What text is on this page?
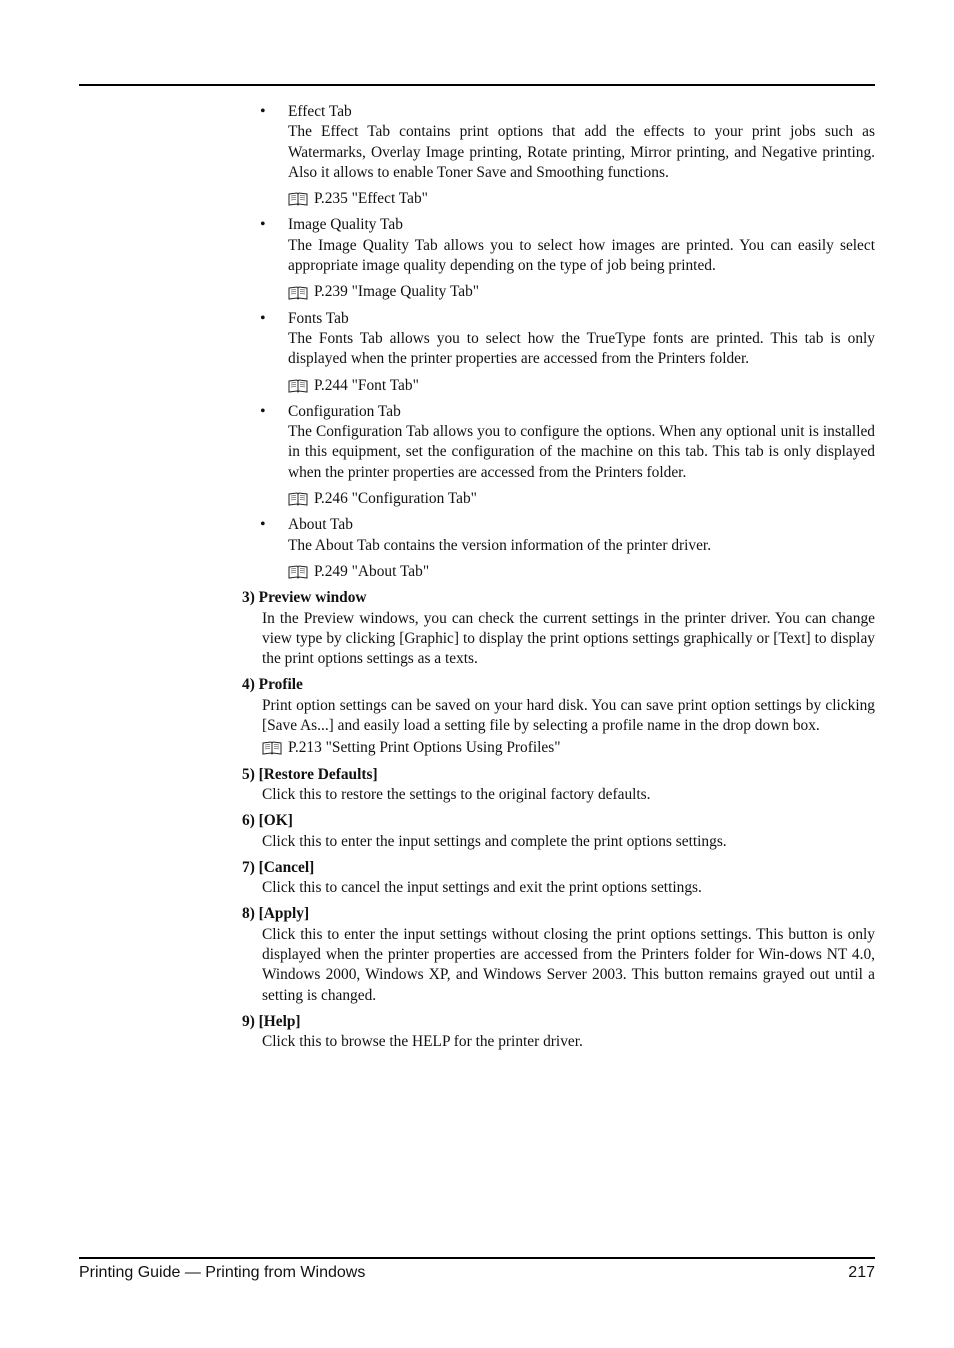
• Effect Tab
The Effect Tab contains print options that add the effects to your print jobs such as Watermarks, Overlay Image printing, Rotate printing, Mirror printing, and Negative printing. Also it allows to enable Toner Save and Smoothing functions.
P.235 "Effect Tab"
• Image Quality Tab
The Image Quality Tab allows you to select how images are printed. You can easily select appropriate image quality depending on the type of job being printed.
P.239 "Image Quality Tab"
• Fonts Tab
The Fonts Tab allows you to select how the TrueType fonts are printed. This tab is only displayed when the printer properties are accessed from the Printers folder.
P.244 "Font Tab"
• Configuration Tab
The Configuration Tab allows you to configure the options. When any optional unit is installed in this equipment, set the configuration of the machine on this tab. This tab is only displayed when the printer properties are accessed from the Printers folder.
P.246 "Configuration Tab"
• About Tab
The About Tab contains the version information of the printer driver.
P.249 "About Tab"
3) Preview window
In the Preview windows, you can check the current settings in the printer driver. You can change view type by clicking [Graphic] to display the print options settings graphically or [Text] to display the print options settings as a texts.
4) Profile
Print option settings can be saved on your hard disk. You can save print option settings by clicking [Save As...] and easily load a setting file by selecting a profile name in the drop down box.
P.213 "Setting Print Options Using Profiles"
5) [Restore Defaults]
Click this to restore the settings to the original factory defaults.
6) [OK]
Click this to enter the input settings and complete the print options settings.
7) [Cancel]
Click this to cancel the input settings and exit the print options settings.
8) [Apply]
Click this to enter the input settings without closing the print options settings. This button is only displayed when the printer properties are accessed from the Printers folder for Win-dows NT 4.0, Windows 2000, Windows XP, and Windows Server 2003. This button remains grayed out until a setting is changed.
9) [Help]
Click this to browse the HELP for the printer driver.
Printing Guide — Printing from Windows	217
